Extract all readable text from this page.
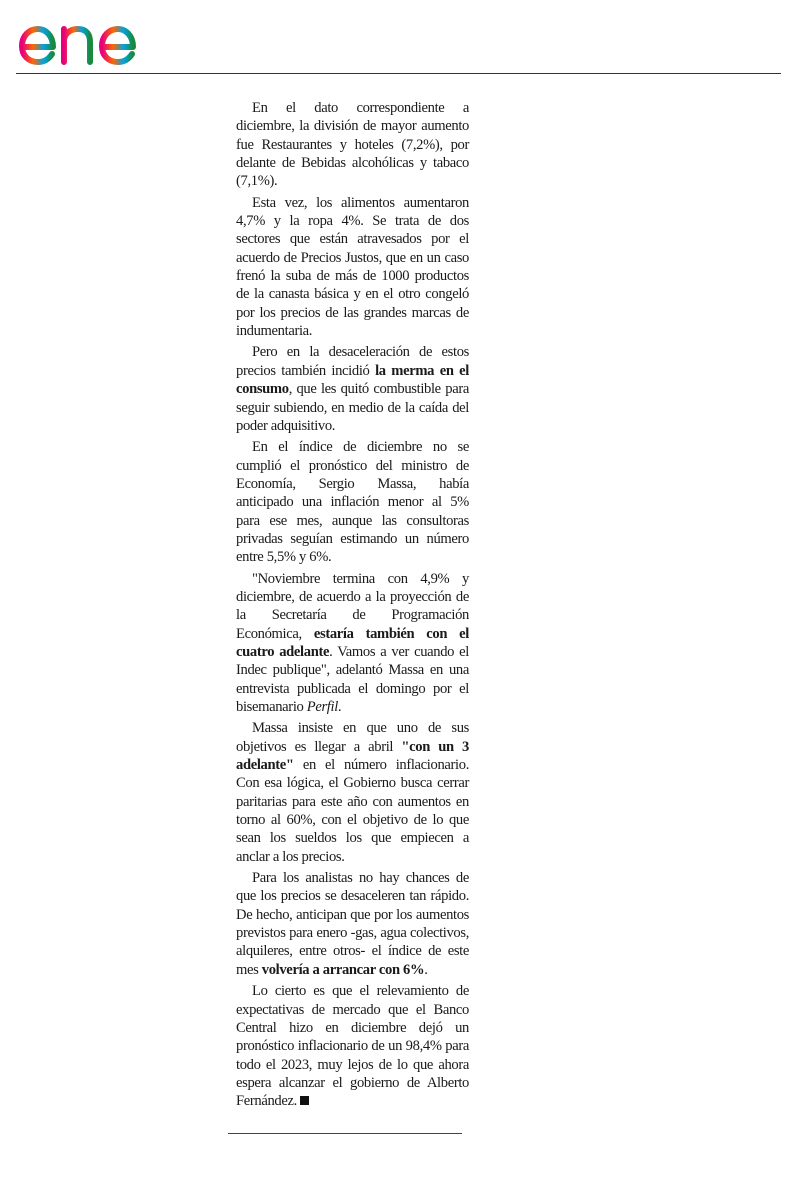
En el dato correspondiente a diciembre, la división de mayor aumento fue Restaurantes y hoteles (7,2%), por delante de Bebidas alcohólicas y tabaco (7,1%).

Esta vez, los alimentos aumentaron 4,7% y la ropa 4%. Se trata de dos sectores que están atravesados por el acuerdo de Precios Justos, que en un caso frenó la suba de más de 1000 productos de la canasta básica y en el otro congeló por los precios de las grandes marcas de indumentaria.

Pero en la desaceleración de estos precios también incidió la merma en el consumo, que les quitó combustible para seguir subiendo, en medio de la caída del poder adquisitivo.

En el índice de diciembre no se cumplió el pronóstico del ministro de Economía, Sergio Massa, había anticipado una inflación menor al 5% para ese mes, aunque las consultoras privadas seguían estimando un número entre 5,5% y 6%.

"Noviembre termina con 4,9% y diciembre, de acuerdo a la proyección de la Secretaría de Programación Económica, estaría también con el cuatro adelante. Vamos a ver cuando el Indec publique", adelantó Massa en una entrevista publicada el domingo por el bisemanario Perfil.

Massa insiste en que uno de sus objetivos es llegar a abril "con un 3 adelante" en el número inflacionario. Con esa lógica, el Gobierno busca cerrar paritarias para este año con aumentos en torno al 60%, con el objetivo de lo que sean los sueldos los que empiecen a anclar a los precios.

Para los analistas no hay chances de que los precios se desaceleren tan rápido. De hecho, anticipan que por los aumentos previstos para enero -gas, agua colectivos, alquileres, entre otros- el índice de este mes volvería a arrancar con 6%.

Lo cierto es que el relevamiento de expectativas de mercado que el Banco Central hizo en diciembre dejó un pronóstico inflacionario de un 98,4% para todo el 2023, muy lejos de lo que ahora espera alcanzar el gobierno de Alberto Fernández.
